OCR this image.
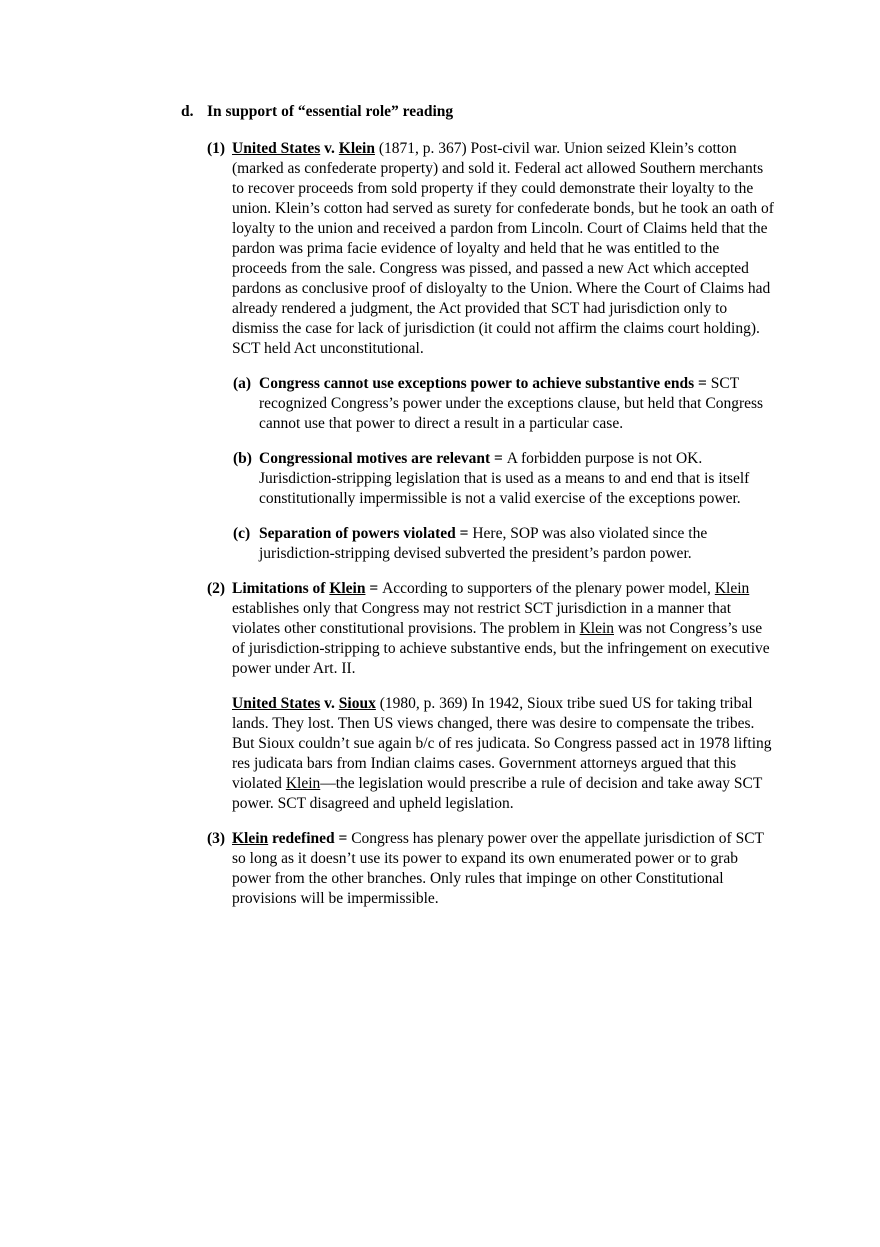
d. In support of “essential role” reading
(1) United States v. Klein (1871, p. 367) Post-civil war. Union seized Klein’s cotton (marked as confederate property) and sold it. Federal act allowed Southern merchants to recover proceeds from sold property if they could demonstrate their loyalty to the union. Klein’s cotton had served as surety for confederate bonds, but he took an oath of loyalty to the union and received a pardon from Lincoln. Court of Claims held that the pardon was prima facie evidence of loyalty and held that he was entitled to the proceeds from the sale. Congress was pissed, and passed a new Act which accepted pardons as conclusive proof of disloyalty to the Union. Where the Court of Claims had already rendered a judgment, the Act provided that SCT had jurisdiction only to dismiss the case for lack of jurisdiction (it could not affirm the claims court holding). SCT held Act unconstitutional.
(a) Congress cannot use exceptions power to achieve substantive ends = SCT recognized Congress’s power under the exceptions clause, but held that Congress cannot use that power to direct a result in a particular case.
(b) Congressional motives are relevant = A forbidden purpose is not OK. Jurisdiction-stripping legislation that is used as a means to and end that is itself constitutionally impermissible is not a valid exercise of the exceptions power.
(c) Separation of powers violated = Here, SOP was also violated since the jurisdiction-stripping devised subverted the president’s pardon power.
(2) Limitations of Klein = According to supporters of the plenary power model, Klein establishes only that Congress may not restrict SCT jurisdiction in a manner that violates other constitutional provisions. The problem in Klein was not Congress’s use of jurisdiction-stripping to achieve substantive ends, but the infringement on executive power under Art. II.
United States v. Sioux (1980, p. 369) In 1942, Sioux tribe sued US for taking tribal lands. They lost. Then US views changed, there was desire to compensate the tribes. But Sioux couldn’t sue again b/c of res judicata. So Congress passed act in 1978 lifting res judicata bars from Indian claims cases. Government attorneys argued that this violated Klein—the legislation would prescribe a rule of decision and take away SCT power. SCT disagreed and upheld legislation.
(3) Klein redefined = Congress has plenary power over the appellate jurisdiction of SCT so long as it doesn’t use its power to expand its own enumerated power or to grab power from the other branches. Only rules that impinge on other Constitutional provisions will be impermissible.
